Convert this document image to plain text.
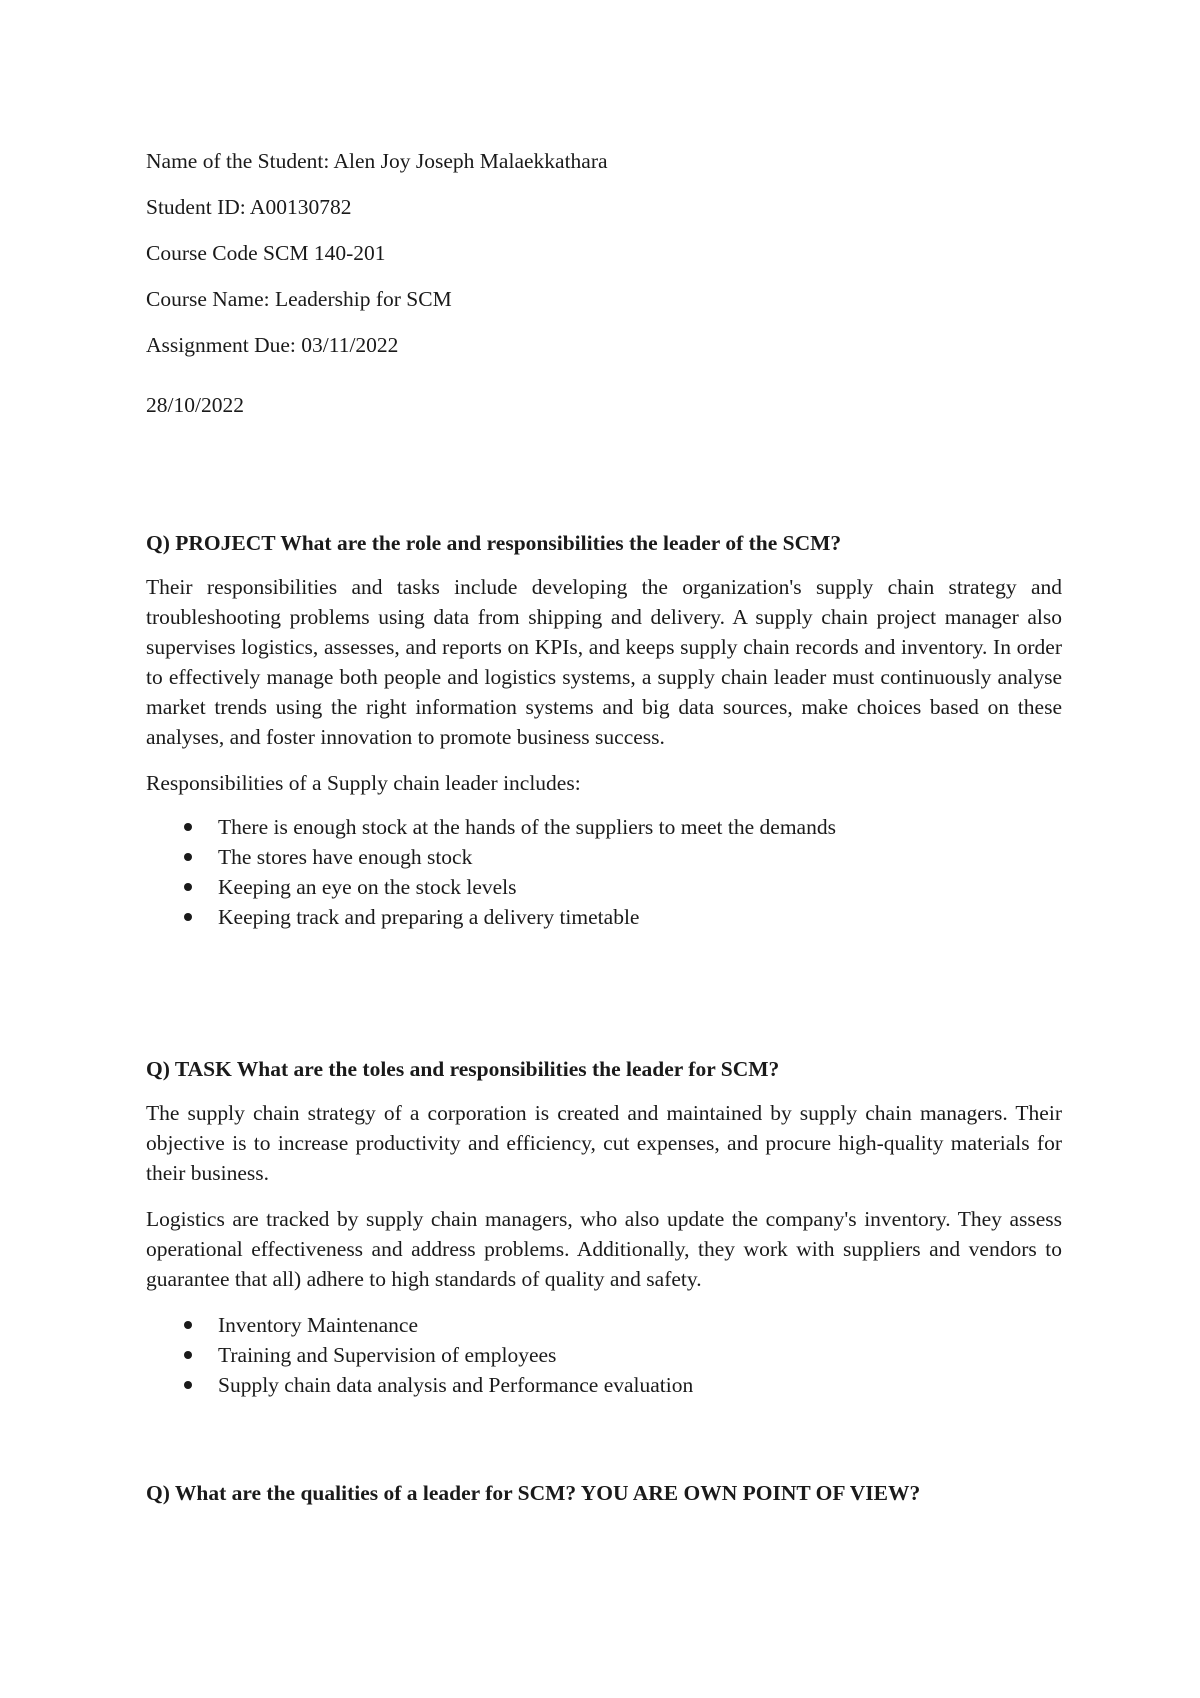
Name of the Student: Alen Joy Joseph Malaekkathara

Student ID: A00130782

Course Code SCM 140-201

Course Name: Leadership for SCM

Assignment Due: 03/11/2022

28/10/2022

Q) PROJECT What are the role and responsibilities the leader of the SCM?

Their responsibilities and tasks include developing the organization's supply chain strategy and troubleshooting problems using data from shipping and delivery. A supply chain project manager also supervises logistics, assesses, and reports on KPIs, and keeps supply chain records and inventory. In order to effectively manage both people and logistics systems, a supply chain leader must continuously analyse market trends using the right information systems and big data sources, make choices based on these analyses, and foster innovation to promote business success.

Responsibilities of a Supply chain leader includes:

There is enough stock at the hands of the suppliers to meet the demands
The stores have enough stock
Keeping an eye on the stock levels
Keeping track and preparing a delivery timetable

Q) TASK What are the toles and responsibilities the leader for SCM?

The supply chain strategy of a corporation is created and maintained by supply chain managers. Their objective is to increase productivity and efficiency, cut expenses, and procure high-quality materials for their business.

Logistics are tracked by supply chain managers, who also update the company's inventory. They assess operational effectiveness and address problems. Additionally, they work with suppliers and vendors to guarantee that all) adhere to high standards of quality and safety.

Inventory Maintenance
Training and Supervision of employees
Supply chain data analysis and Performance evaluation

Q) What are the qualities of a leader for SCM? YOU ARE OWN POINT OF VIEW?
